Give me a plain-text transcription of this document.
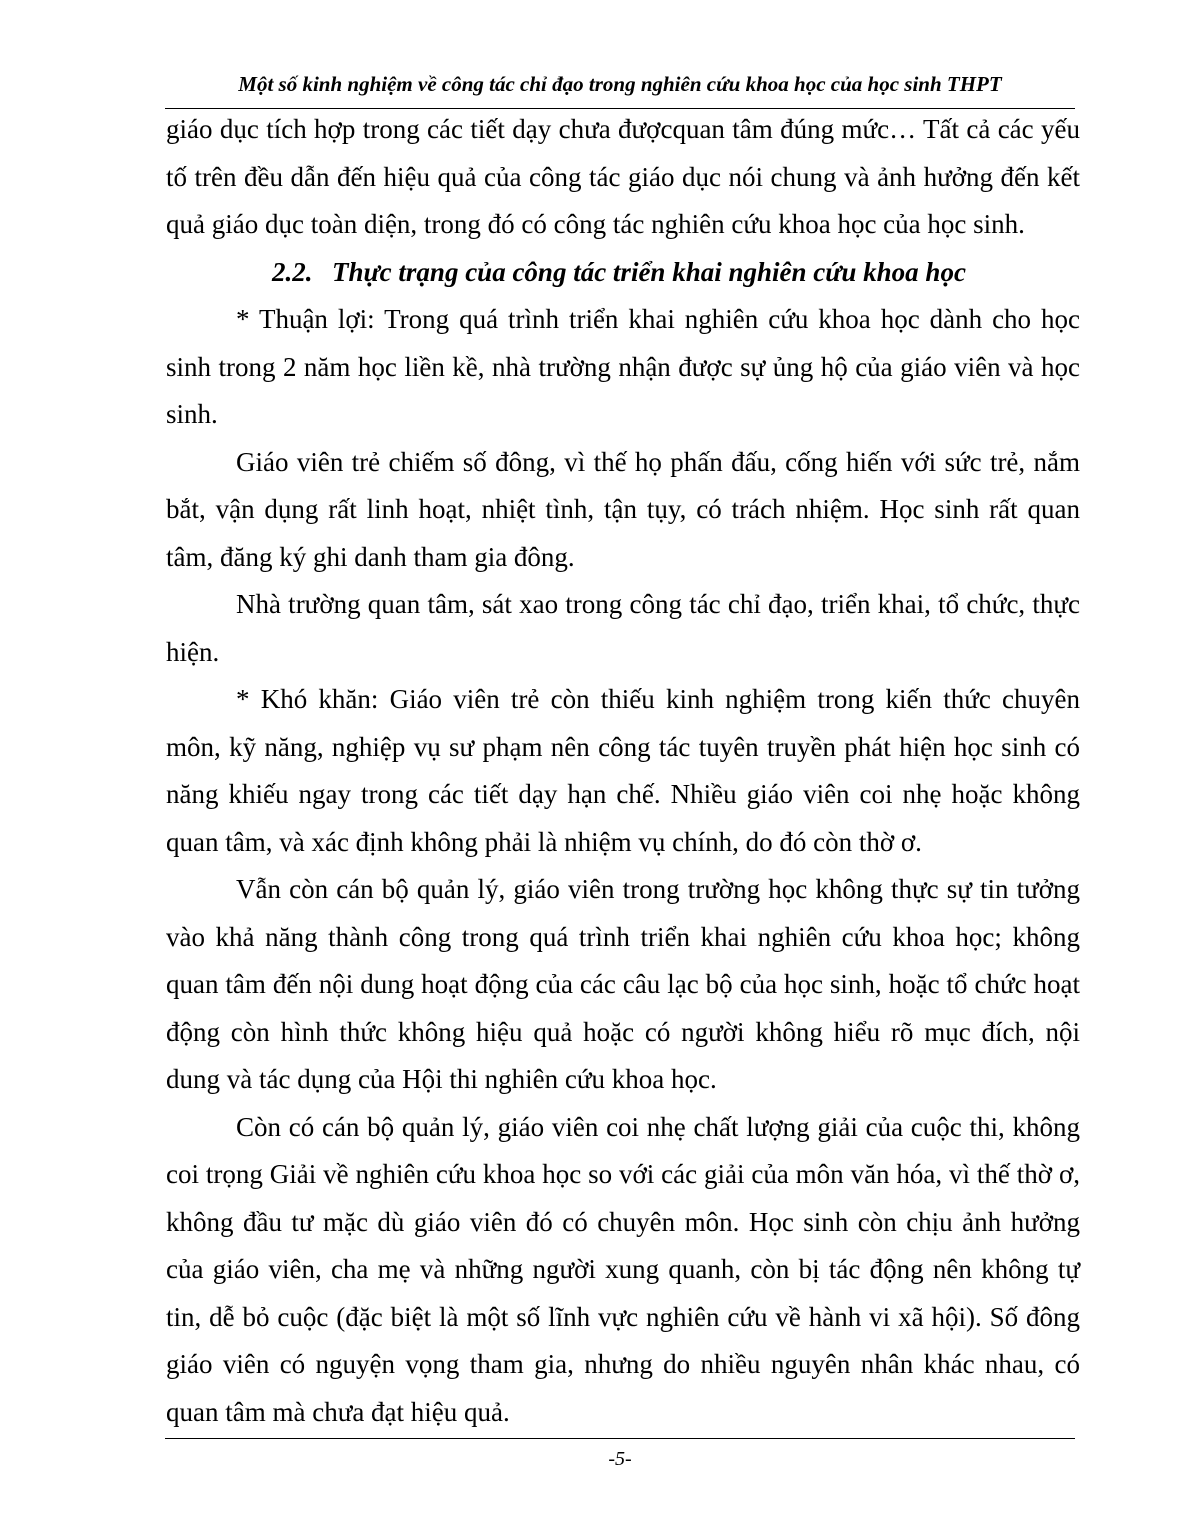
Một số kinh nghiệm về công tác chỉ đạo trong nghiên cứu khoa học của học sinh THPT

giáo dục tích hợp trong các tiết dạy chưa đượcquan tâm đúng mức… Tất cả các yếu tố trên đều dẫn đến hiệu quả của công tác giáo dục nói chung và ảnh hưởng đến kết quả giáo dục toàn diện, trong đó có công tác nghiên cứu khoa học của học sinh.

2.2. Thực trạng của công tác triển khai nghiên cứu khoa học

* Thuận lợi: Trong quá trình triển khai nghiên cứu khoa học dành cho học sinh trong 2 năm học liền kề, nhà trường nhận được sự ủng hộ của giáo viên và học sinh.

Giáo viên trẻ chiếm số đông, vì thế họ phấn đấu, cống hiến với sức trẻ, nắm bắt, vận dụng rất linh hoạt, nhiệt tình, tận tụy, có trách nhiệm. Học sinh rất quan tâm, đăng ký ghi danh tham gia đông.

Nhà trường quan tâm, sát xao trong công tác chỉ đạo, triển khai, tổ chức, thực hiện.

* Khó khăn: Giáo viên trẻ còn thiếu kinh nghiệm trong kiến thức chuyên môn, kỹ năng, nghiệp vụ sư phạm nên công tác tuyên truyền phát hiện học sinh có năng khiếu ngay trong các tiết dạy hạn chế. Nhiều giáo viên coi nhẹ hoặc không quan tâm, và xác định không phải là nhiệm vụ chính, do đó còn thờ ơ.

Vẫn còn cán bộ quản lý, giáo viên trong trường học không thực sự tin tưởng vào khả năng thành công trong quá trình triển khai nghiên cứu khoa học; không quan tâm đến nội dung hoạt động của các câu lạc bộ của học sinh, hoặc tổ chức hoạt động còn hình thức không hiệu quả hoặc có người không hiểu rõ mục đích, nội dung và tác dụng của Hội thi nghiên cứu khoa học.

Còn có cán bộ quản lý, giáo viên coi nhẹ chất lượng giải của cuộc thi, không coi trọng Giải về nghiên cứu khoa học so với các giải của môn văn hóa, vì thế thờ ơ, không đầu tư mặc dù giáo viên đó có chuyên môn. Học sinh còn chịu ảnh hưởng của giáo viên, cha mẹ và những người xung quanh, còn bị tác động nên không tự tin, dễ bỏ cuộc (đặc biệt là một số lĩnh vực nghiên cứu về hành vi xã hội). Số đông giáo viên có nguyện vọng tham gia, nhưng do nhiều nguyên nhân khác nhau, có quan tâm mà chưa đạt hiệu quả.

-5-
